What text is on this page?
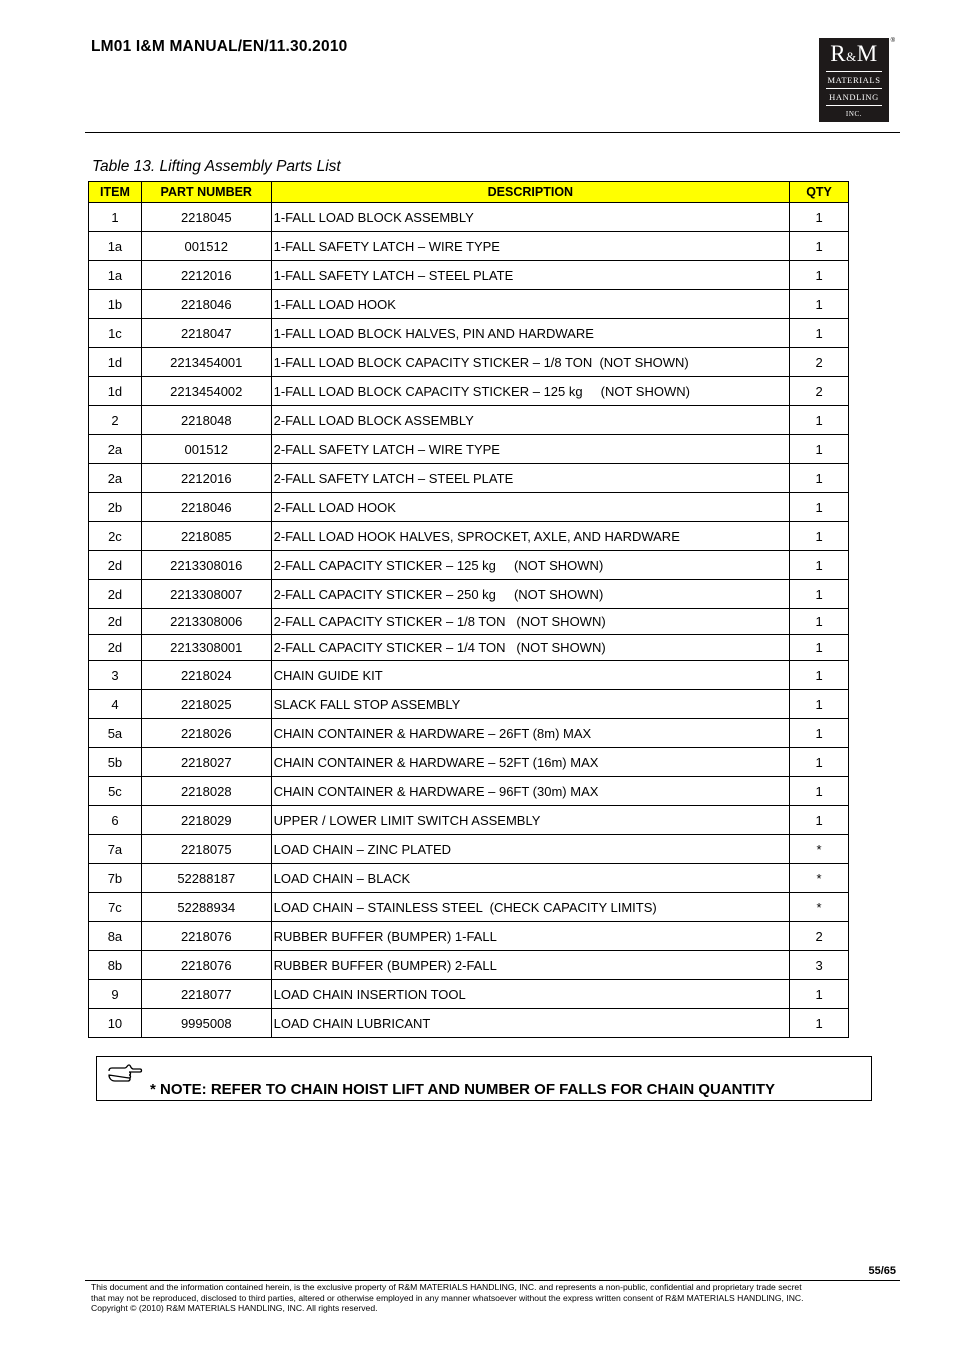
LM01 I&M MANUAL/EN/11.30.2010	®
R&M
MATERIALS
HANDLING
INC.
Table 13. Lifting Assembly Parts List
ITEM	PART NUMBER	DESCRIPTION	QTY
1	2218045	1-FALL LOAD BLOCK ASSEMBLY	1
1a	001512	1-FALL SAFETY LATCH – WIRE TYPE	1
1a	2212016	1-FALL SAFETY LATCH – STEEL PLATE	1
1b	2218046	1-FALL LOAD HOOK	1
1c	2218047	1-FALL LOAD BLOCK HALVES, PIN AND HARDWARE	1
1d	2213454001	1-FALL LOAD BLOCK CAPACITY STICKER – 1/8 TON  (NOT SHOWN)	2
1d	2213454002	1-FALL LOAD BLOCK CAPACITY STICKER – 125 kg     (NOT SHOWN)	2
2	2218048	2-FALL LOAD BLOCK ASSEMBLY	1
2a	001512	2-FALL SAFETY LATCH – WIRE TYPE	1
2a	2212016	2-FALL SAFETY LATCH – STEEL PLATE	1
2b	2218046	2-FALL LOAD HOOK	1
2c	2218085	2-FALL LOAD HOOK HALVES, SPROCKET, AXLE, AND HARDWARE	1
2d	2213308016	2-FALL CAPACITY STICKER – 125 kg     (NOT SHOWN)	1
2d	2213308007	2-FALL CAPACITY STICKER – 250 kg     (NOT SHOWN)	1
2d	2213308006	2-FALL CAPACITY STICKER – 1/8 TON   (NOT SHOWN)	1
2d	2213308001	2-FALL CAPACITY STICKER – 1/4 TON   (NOT SHOWN)	1
3	2218024	CHAIN GUIDE KIT	1
4	2218025	SLACK FALL STOP ASSEMBLY	1
5a	2218026	CHAIN CONTAINER & HARDWARE – 26FT (8m) MAX	1
5b	2218027	CHAIN CONTAINER & HARDWARE – 52FT (16m) MAX	1
5c	2218028	CHAIN CONTAINER & HARDWARE – 96FT (30m) MAX	1
6	2218029	UPPER / LOWER LIMIT SWITCH ASSEMBLY	1
7a	2218075	LOAD CHAIN – ZINC PLATED	*
7b	52288187	LOAD CHAIN – BLACK	*
7c	52288934	LOAD CHAIN – STAINLESS STEEL  (CHECK CAPACITY LIMITS)	*
8a	2218076	RUBBER BUFFER (BUMPER) 1-FALL	2
8b	2218076	RUBBER BUFFER (BUMPER) 2-FALL	3
9	2218077	LOAD CHAIN INSERTION TOOL	1
10	9995008	LOAD CHAIN LUBRICANT	1
* NOTE: REFER TO CHAIN HOIST LIFT AND NUMBER OF FALLS FOR CHAIN QUANTITY
55/65
This document and the information contained herein, is the exclusive property of R&M MATERIALS HANDLING, INC. and represents a non-public, confidential and proprietary trade secret
that may not be reproduced, disclosed to third parties, altered or otherwise employed in any manner whatsoever without the express written consent of R&M MATERIALS HANDLING, INC.
Copyright © (2010) R&M MATERIALS HANDLING, INC. All rights reserved.
